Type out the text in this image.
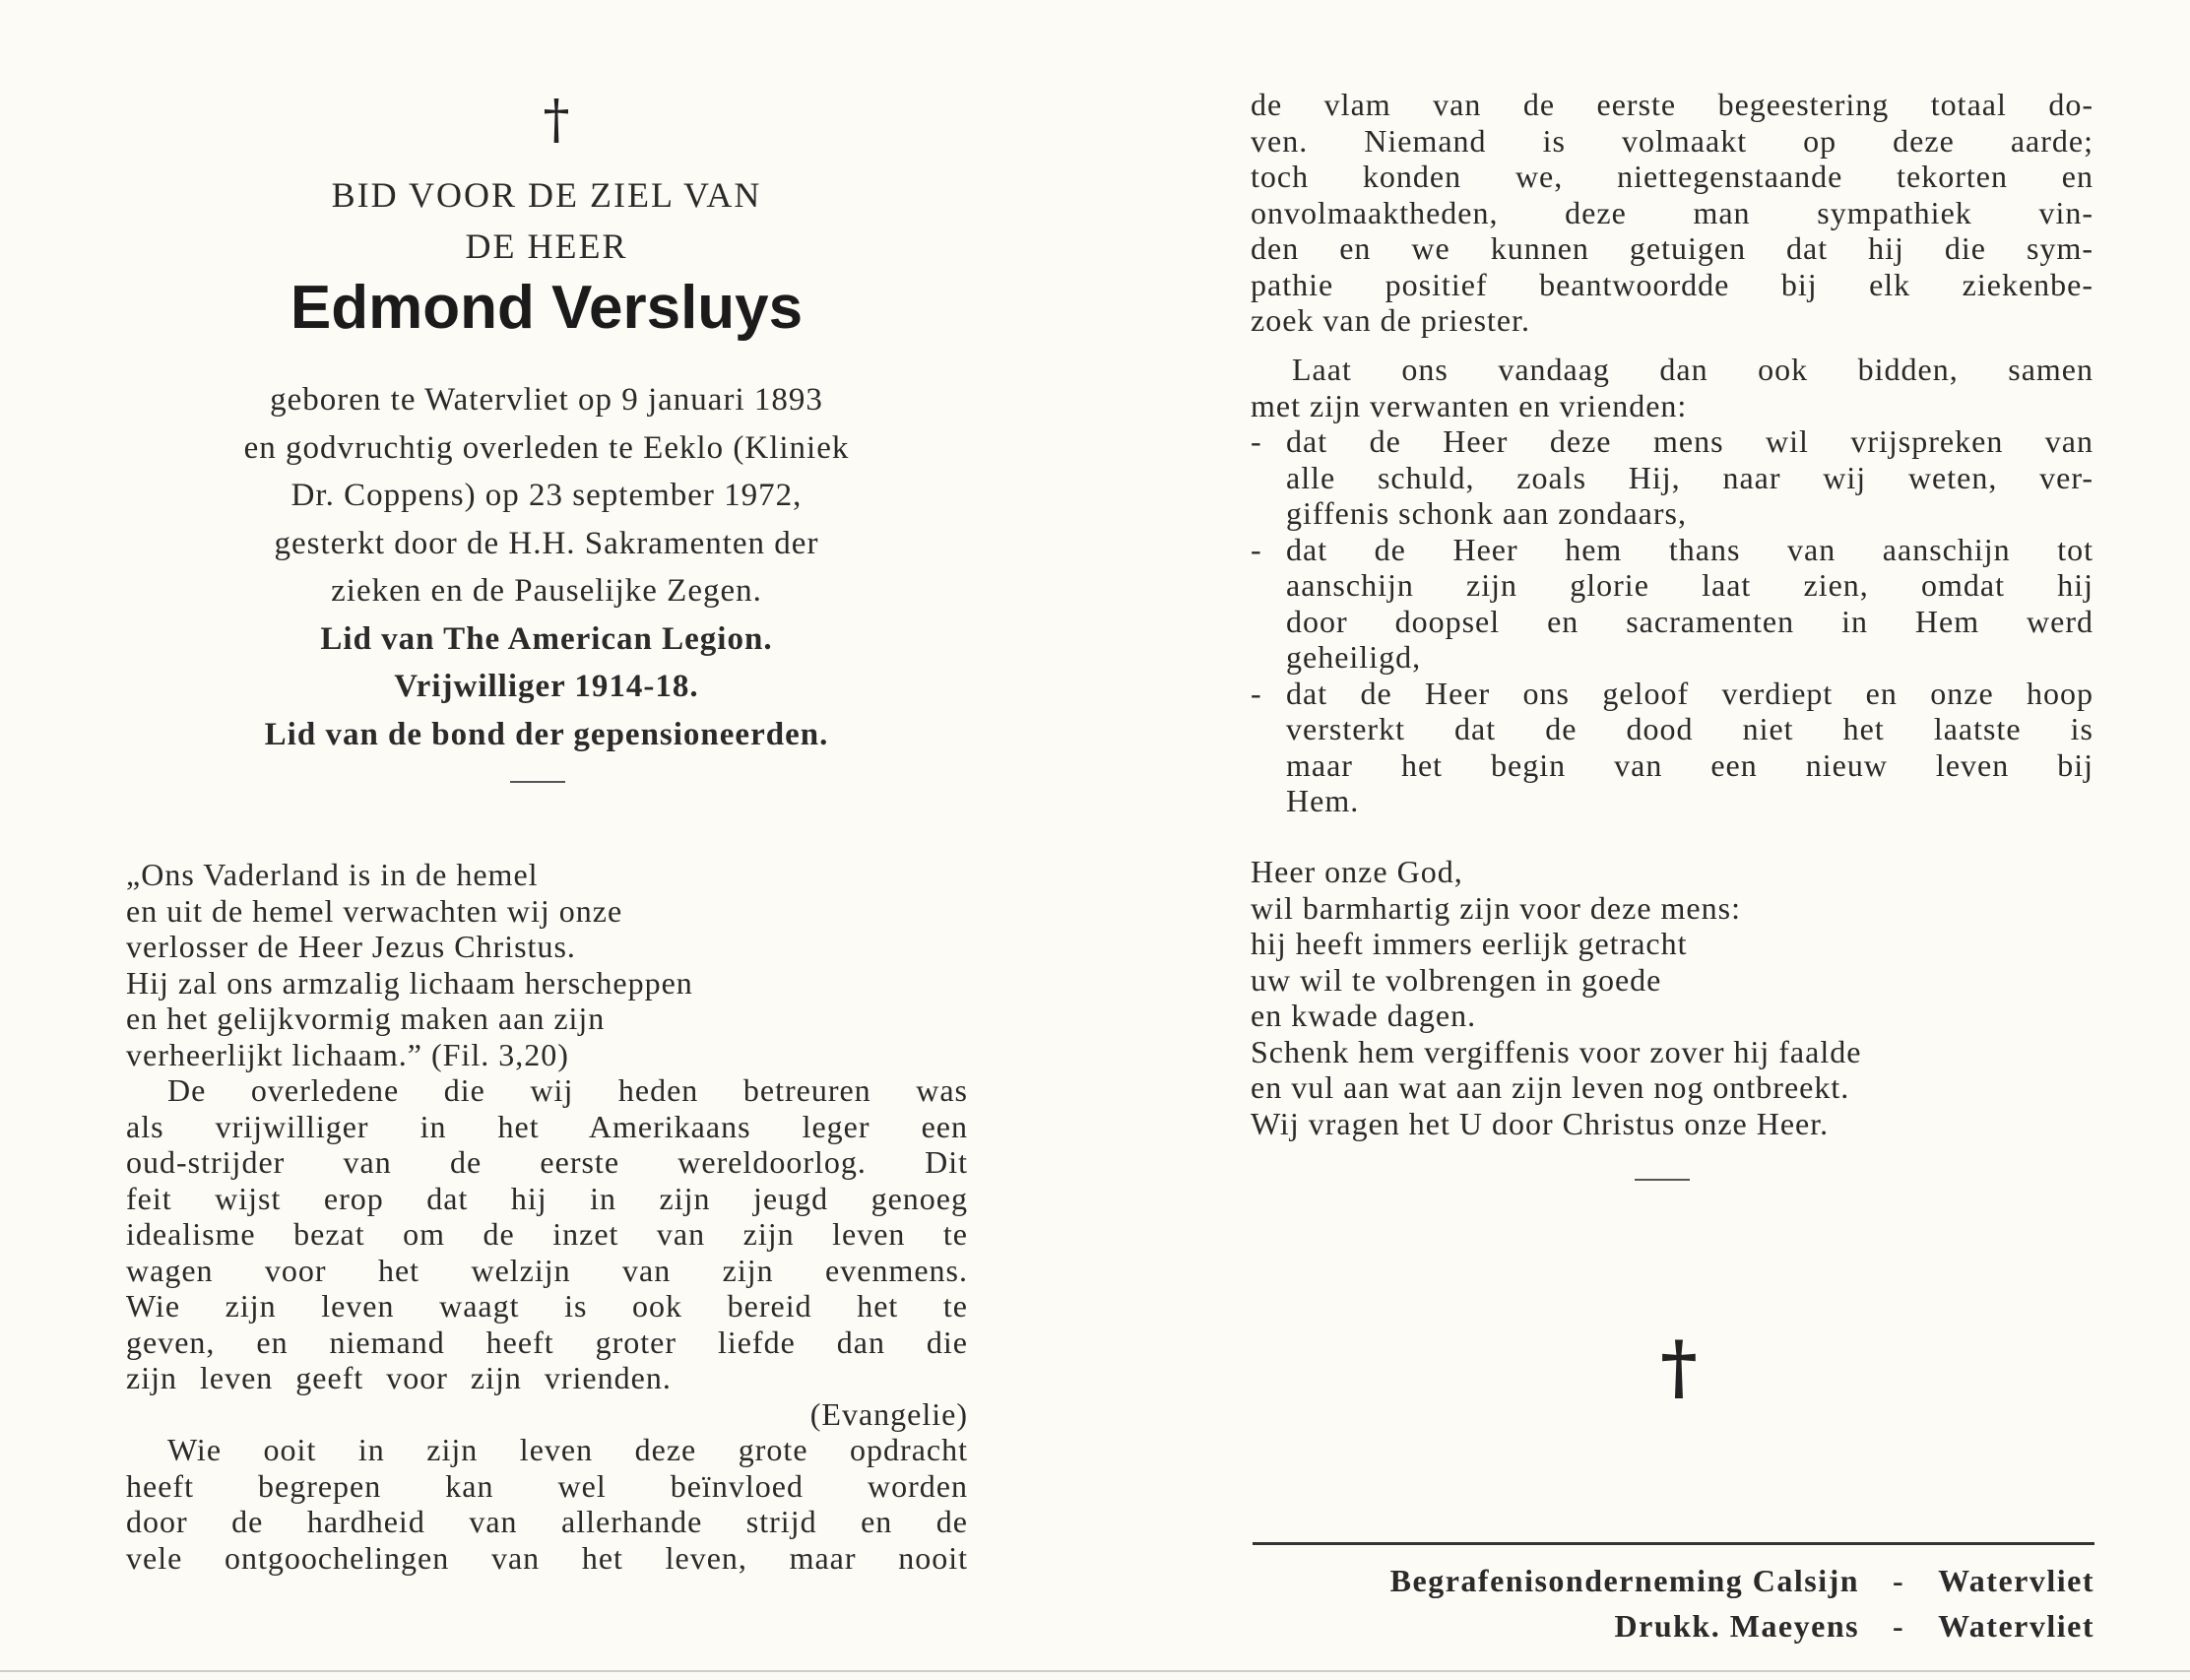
†
BID VOOR DE ZIEL VAN
DE HEER
Edmond Versluys
geboren te Watervliet op 9 januari 1893
en godvruchtig overleden te Eeklo (Kliniek
Dr. Coppens) op 23 september 1972,
gesterkt door de H.H. Sakramenten der
zieken en de Pauselijke Zegen.
Lid van The American Legion.
Vrijwilliger 1914-18.
Lid van de bond der gepensioneerden.
„Ons Vaderland is in de hemel
en uit de hemel verwachten wij onze
verlosser de Heer Jezus Christus.
Hij zal ons armzalig lichaam herscheppen
en het gelijkvormig maken aan zijn
verheerlijkt lichaam.” (Fil. 3,20)
De overledene die wij heden betreuren was
als vrijwilliger in het Amerikaans leger een
oud-strijder van de eerste wereldoorlog. Dit
feit wijst erop dat hij in zijn jeugd genoeg
idealisme bezat om de inzet van zijn leven te
wagen voor het welzijn van zijn evenmens.
Wie zijn leven waagt is ook bereid het te
geven, en niemand heeft groter liefde dan die
zijn leven geeft voor zijn vrienden.
(Evangelie)
Wie ooit in zijn leven deze grote opdracht
heeft begrepen kan wel beïnvloed worden
door de hardheid van allerhande strijd en de
vele ontgoochelingen van het leven, maar nooit
de vlam van de eerste begeestering totaal do-
ven. Niemand is volmaakt op deze aarde;
toch konden we, niettegenstaande tekorten en
onvolmaaktheden, deze man sympathiek vin-
den en we kunnen getuigen dat hij die sym-
pathie positief beantwoordde bij elk ziekenbe-
zoek van de priester.
Laat ons vandaag dan ook bidden, samen
met zijn verwanten en vrienden:
- dat de Heer deze mens wil vrijspreken van
alle schuld, zoals Hij, naar wij weten, ver-
giffenis schonk aan zondaars,
- dat de Heer hem thans van aanschijn tot
aanschijn zijn glorie laat zien, omdat hij
door doopsel en sacramenten in Hem werd
geheiligd,
- dat de Heer ons geloof verdiept en onze hoop
versterkt dat de dood niet het laatste is
maar het begin van een nieuw leven bij
Hem.
Heer onze God,
wil barmhartig zijn voor deze mens:
hij heeft immers eerlijk getracht
uw wil te volbrengen in goede
en kwade dagen.
Schenk hem vergiffenis voor zover hij faalde
en vul aan wat aan zijn leven nog ontbreekt.
Wij vragen het U door Christus onze Heer.
†
Begrafenisonderneming Calsijn	-	Watervliet
Drukk. Maeyens	-	Watervliet
